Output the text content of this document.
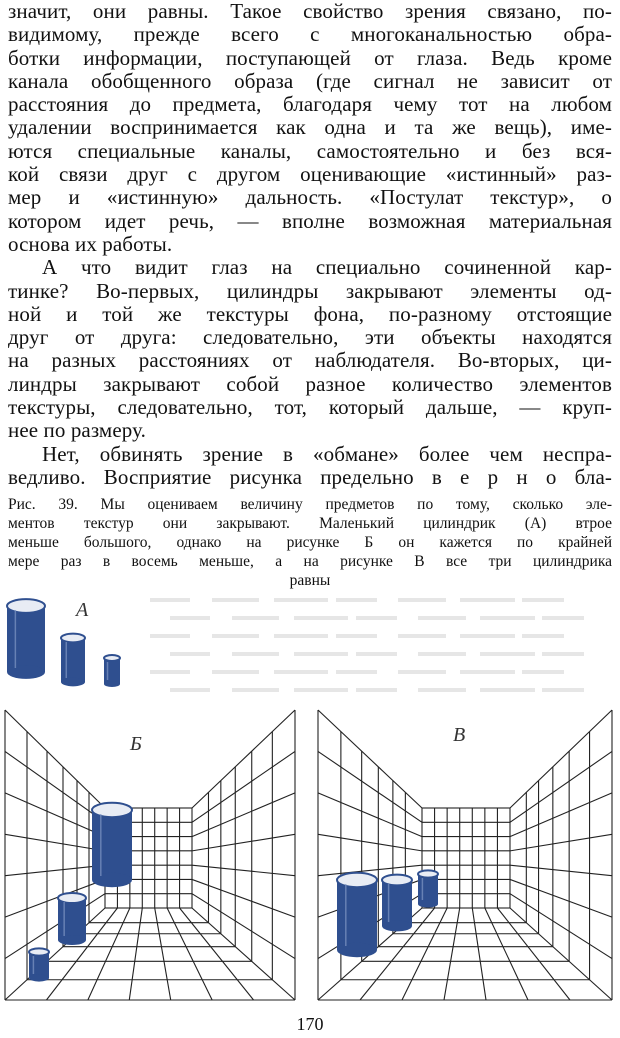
значит, они равны. Такое свойство зрения связано, по-
видимому, прежде всего с многоканальностью обра-
ботки информации, поступающей от глаза. Ведь кроме
канала обобщенного образа (где сигнал не зависит от
расстояния до предмета, благодаря чему тот на любом
удалении воспринимается как одна и та же вещь), име-
ются специальные каналы, самостоятельно и без вся-
кой связи друг с другом оценивающие «истинный» раз-
мер и «истинную» дальность. «Постулат текстур», о
котором идет речь, — вполне возможная материальная
основа их работы.
А что видит глаз на специально сочиненной кар-
тинке? Во-первых, цилиндры закрывают элементы од-
ной и той же текстуры фона, по-разному отстоящие
друг от друга: следовательно, эти объекты находятся
на разных расстояниях от наблюдателя. Во-вторых, ци-
линдры закрывают собой разное количество элементов
текстуры, следовательно, тот, который дальше, — круп-
нее по размеру.
Нет, обвинять зрение в «обмане» более чем неспра-
ведливо. Восприятие рисунка предельно в е р н о бла-
Рис. 39. Мы оцениваем величину предметов по тому, сколько эле-
ментов текстур они закрывают. Маленький цилиндрик (А) втрое
меньше большого, однако на рисунке Б он кажется по крайней
мере раз в восемь меньше, а на рисунке В все три цилиндрика
равны
А
Б	В
170
